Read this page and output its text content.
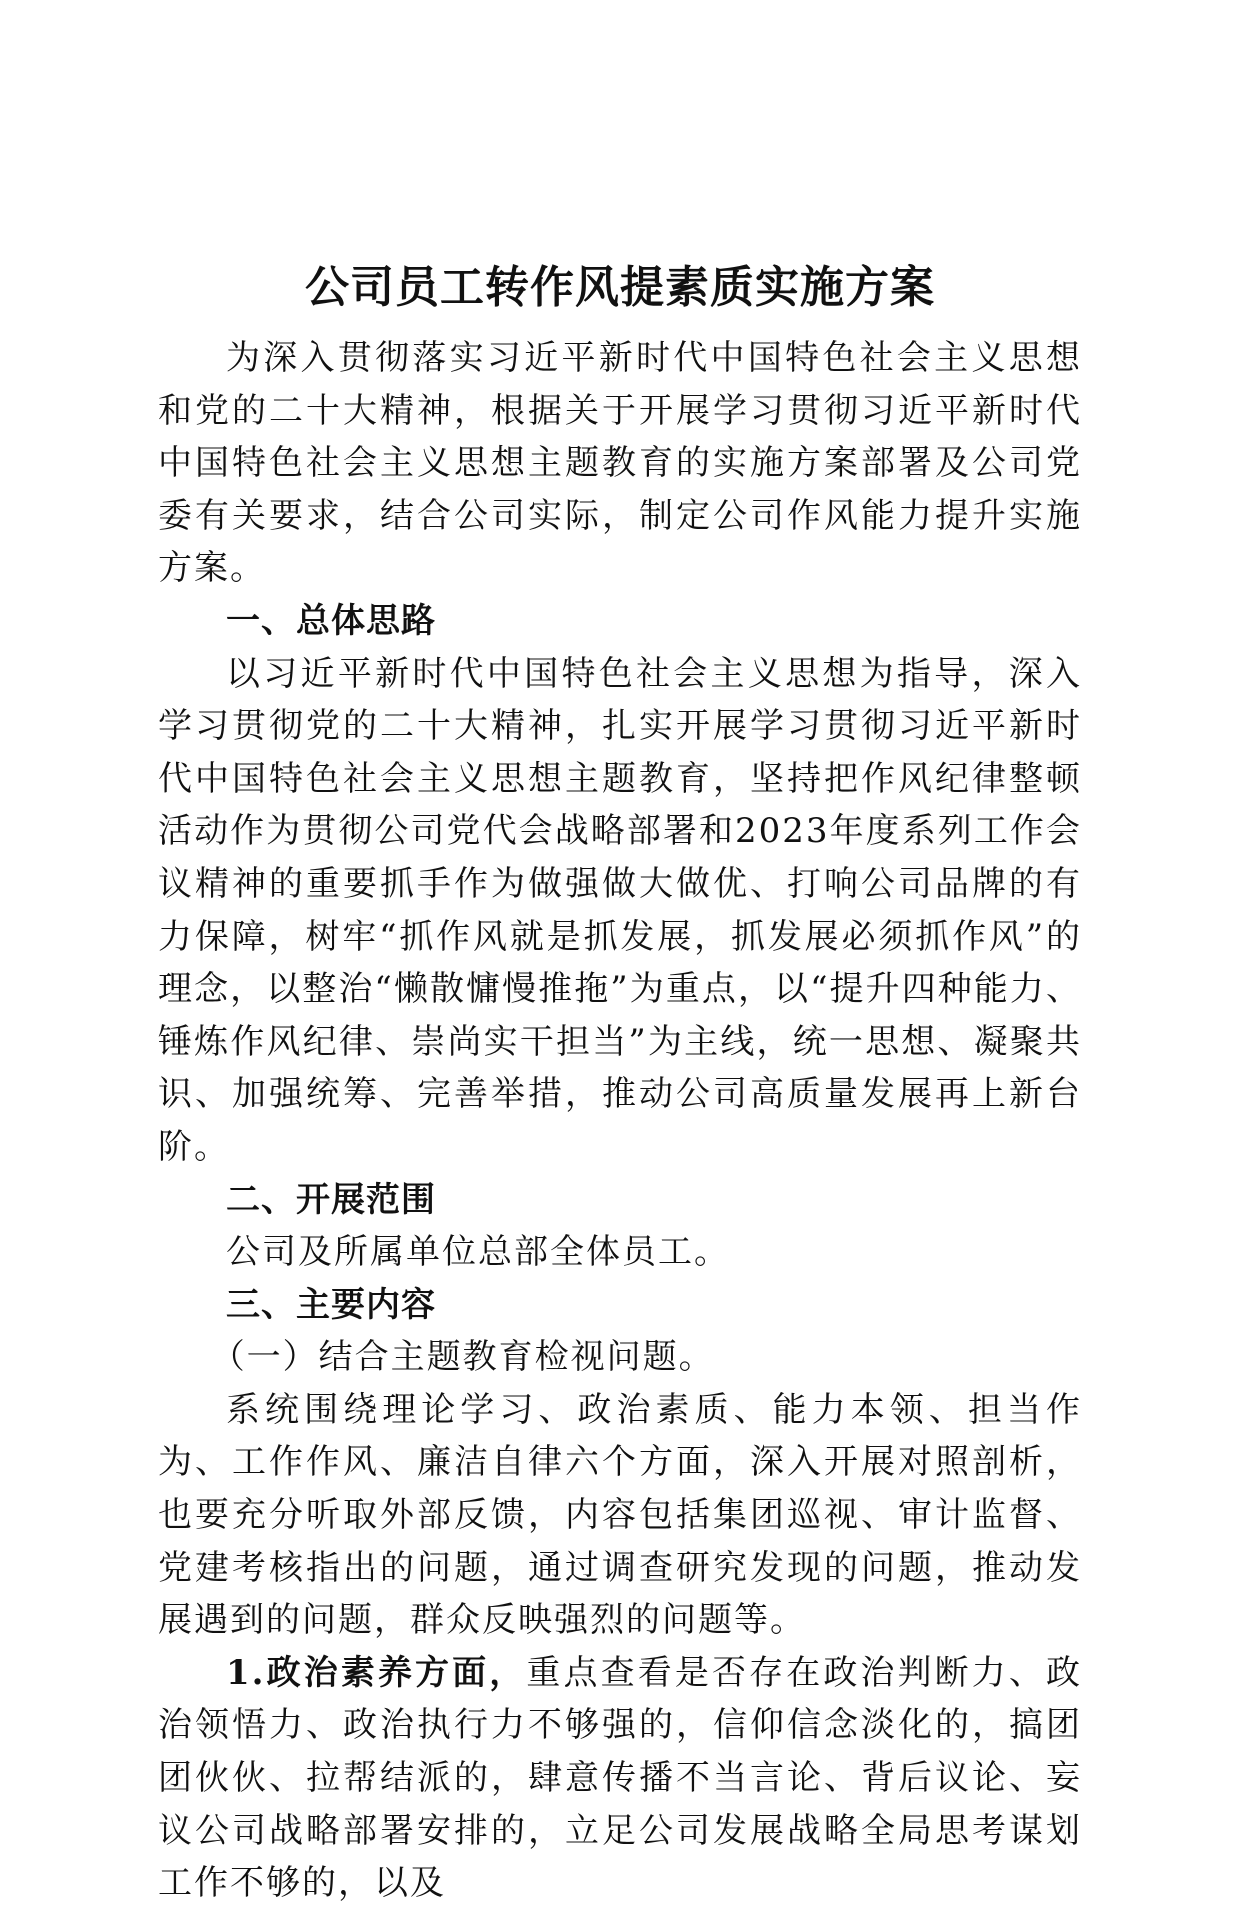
公司员工转作风提素质实施方案

为深入贯彻落实习近平新时代中国特色社会主义思想和党的二十大精神，根据关于开展学习贯彻习近平新时代中国特色社会主义思想主题教育的实施方案部署及公司党委有关要求，结合公司实际，制定公司作风能力提升实施方案。

一、总体思路

以习近平新时代中国特色社会主义思想为指导，深入学习贯彻党的二十大精神，扎实开展学习贯彻习近平新时代中国特色社会主义思想主题教育，坚持把作风纪律整顿活动作为贯彻公司党代会战略部署和2023年度系列工作会议精神的重要抓手作为做强做大做优、打响公司品牌的有力保障，树牢“抓作风就是抓发展，抓发展必须抓作风”的理念，以整治“懒散慵慢推拖”为重点，以“提升四种能力、锤炼作风纪律、崇尚实干担当”为主线，统一思想、凝聚共识、加强统筹、完善举措，推动公司高质量发展再上新台阶。

二、开展范围

公司及所属单位总部全体员工。

三、主要内容

（一）结合主题教育检视问题。

系统围绕理论学习、政治素质、能力本领、担当作为、工作作风、廉洁自律六个方面，深入开展对照剖析，也要充分听取外部反馈，内容包括集团巡视、审计监督、党建考核指出的问题，通过调查研究发现的问题，推动发展遇到的问题，群众反映强烈的问题等。

1.政治素养方面，重点查看是否存在政治判断力、政治领悟力、政治执行力不够强的，信仰信念淡化的，搞团团伙伙、拉帮结派的，肆意传播不当言论、背后议论、妄议公司战略部署安排的，立足公司发展战略全局思考谋划工作不够的，以及
